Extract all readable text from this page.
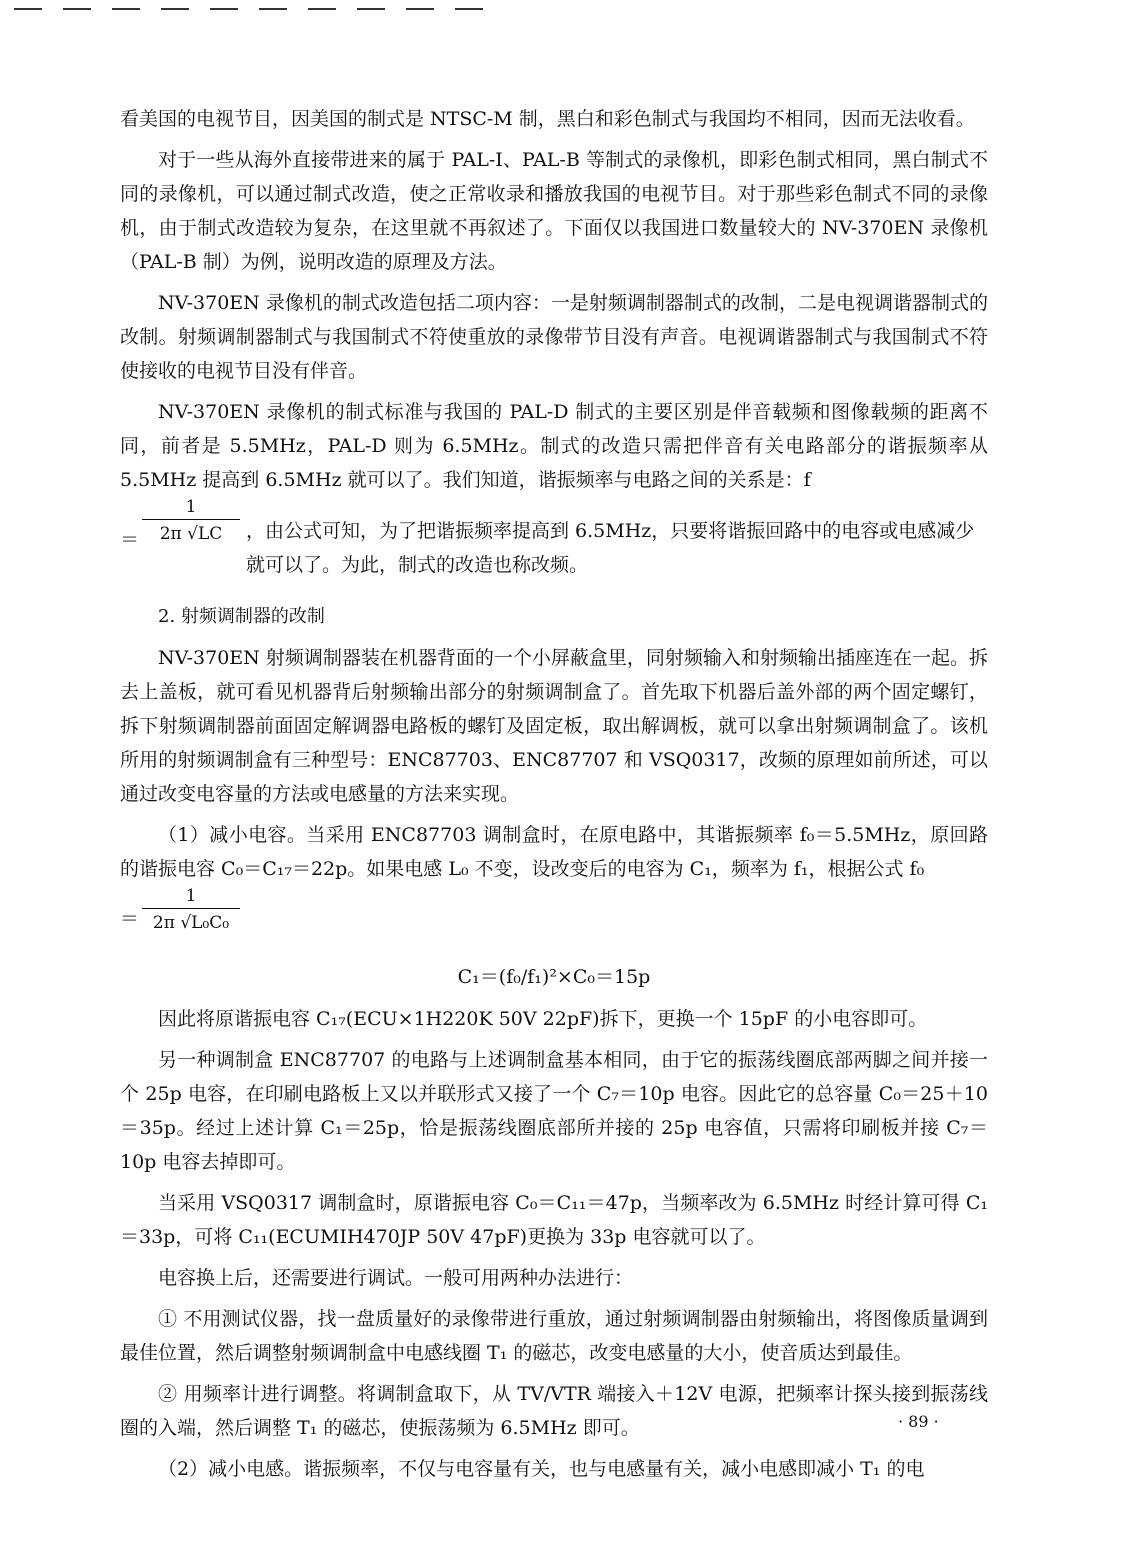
看美国的电视节目，因美国的制式是 NTSC-M 制，黑白和彩色制式与我国均不相同，因而无法收看。

对于一些从海外直接带进来的属于 PAL-I、PAL-B 等制式的录像机，即彩色制式相同，黑白制式不同的录像机，可以通过制式改造，使之正常收录和播放我国的电视节目。对于那些彩色制式不同的录像机，由于制式改造较为复杂，在这里就不再叙述了。下面仅以我国进口数量较大的 NV-370EN 录像机（PAL-B 制）为例，说明改造的原理及方法。

NV-370EN 录像机的制式改造包括二项内容：一是射频调制器制式的改制，二是电视调谐器制式的改制。射频调制器制式与我国制式不符使重放的录像带节目没有声音。电视调谐器制式与我国制式不符使接收的电视节目没有伴音。

NV-370EN 录像机的制式标准与我国的 PAL-D 制式的主要区别是伴音载频和图像载频的距离不同，前者是 5.5MHz，PAL-D 则为 6.5MHz。制式的改造只需把伴音有关电路部分的谐振频率从 5.5MHz 提高到 6.5MHz 就可以了。我们知道，谐振频率与电路之间的关系是：f

＝ $\frac{1}{2\pi √LC}$ ，由公式可知，为了把谐振频率提高到 6.5MHz，只要将谐振回路中的电容或电感减少就可以了。为此，制式的改造也称改频。

2. 射频调制器的改制

NV-370EN 射频调制器装在机器背面的一个小屏蔽盒里，同射频输入和射频输出插座连在一起。拆去上盖板，就可看见机器背后射频输出部分的射频调制盒了。首先取下机器后盖外部的两个固定螺钉，拆下射频调制器前面固定解调器电路板的螺钉及固定板，取出解调板，就可以拿出射频调制盒了。该机所用的射频调制盒有三种型号：ENC87703、ENC87707 和 VSQ0317，改频的原理如前所述，可以通过改变电容量的方法或电感量的方法来实现。

（1）减小电容。当采用 ENC87703 调制盒时，在原电路中，其谐振频率 f₀＝5.5MHz，原回路的谐振电容 C₀＝C₁₇＝22p。如果电感 L₀ 不变，设改变后的电容为 C₁，频率为 f₁，根据公式 f₀

＝ $\frac{1}{\text{2π √L₀C₀}}$

C₁＝(f₀/f₁)²×C₀＝15p

因此将原谐振电容 C₁₇(ECU×1H220K 50V 22pF)拆下，更换一个 15pF 的小电容即可。

另一种调制盒 ENC87707 的电路与上述调制盒基本相同，由于它的振荡线圈底部两脚之间并接一个 25p 电容，在印刷电路板上又以并联形式又接了一个 C₇＝10p 电容。因此它的总容量 C₀＝25＋10＝35p。经过上述计算 C₁＝25p，恰是振荡线圈底部所并接的 25p 电容值，只需将印刷板并接 C₇＝10p 电容去掉即可。

当采用 VSQ0317 调制盒时，原谐振电容 C₀＝C₁₁＝47p，当频率改为 6.5MHz 时经计算可得 C₁＝33p，可将 C₁₁(ECUMIH470JP 50V 47pF)更换为 33p 电容就可以了。

电容换上后，还需要进行调试。一般可用两种办法进行：

① 不用测试仪器，找一盘质量好的录像带进行重放，通过射频调制器由射频输出，将图像质量调到最佳位置，然后调整射频调制盒中电感线圈 T₁ 的磁芯，改变电感量的大小，使音质达到最佳。

② 用频率计进行调整。将调制盒取下，从 TV/VTR 端接入＋12V 电源，把频率计探头接到振荡线圈的入端，然后调整 T₁ 的磁芯，使振荡频为 6.5MHz 即可。

（2）减小电感。谐振频率，不仅与电容量有关，也与电感量有关，减小电感即减小 T₁ 的电

· 89 ·
